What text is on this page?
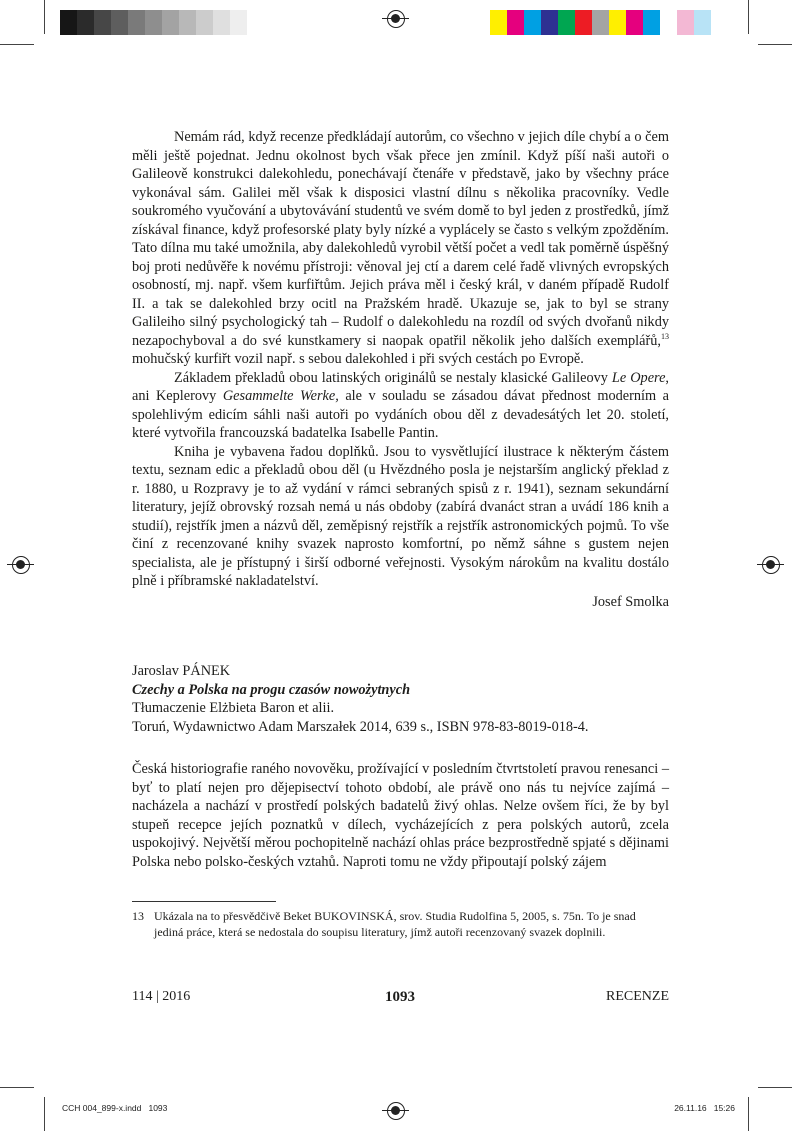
Nemám rád, když recenze předkládají autorům, co všechno v jejich díle chybí a o čem měli ještě pojednat. Jednu okolnost bych však přece jen zmínil. Když píší naši autoři o Galileově konstrukci dalekohledu, ponechávají čtenáře v představě, jako by všechny práce vykonával sám. Galilei měl však k disposici vlastní dílnu s několika pracovníky. Vedle soukromého vyučování a ubytovávání studentů ve svém domě to byl jeden z prostředků, jímž získával finance, když profesorské platy byly nízké a vyplácely se často s velkým zpožděním. Tato dílna mu také umožnila, aby dalekohledů vyrobil větší počet a vedl tak poměrně úspěšný boj proti nedůvěře k novému přístroji: věnoval jej ctí a darem celé řadě vlivných evropských osobností, mj. např. všem kurfiřtům. Jejich práva měl i český král, v daném případě Rudolf II. a tak se dalekohled brzy ocitl na Pražském hradě. Ukazuje se, jak to byl se strany Galileiho silný psychologický tah – Rudolf o dalekohledu na rozdíl od svých dvořanů nikdy nezapochyboval a do své kunstkamery si naopak opatřil několik jeho dalších exemplářů,$^{13}$ mohučský kurfiřt vozil např. s sebou dalekohled i při svých cestách po Evropě.

Základem překladů obou latinských originálů se nestaly klasické Galileovy Le Opere, ani Keplerovy Gesammelte Werke, ale v souladu se zásadou dávat přednost moderním a spolehlivým edicím sáhli naši autoři po vydáních obou děl z devadesátých let 20. století, které vytvořila francouzská badatelka Isabelle Pantin.

Kniha je vybavena řadou doplňků. Jsou to vysvětlující ilustrace k některým částem textu, seznam edic a překladů obou děl (u Hvězdného posla je nejstarším anglický překlad z r. 1880, u Rozpravy je to až vydání v rámci sebraných spisů z r. 1941), seznam sekundární literatury, jejíž obrovský rozsah nemá u nás obdoby (zabírá dvanáct stran a uvádí 186 knih a studií), rejstřík jmen a názvů děl, zeměpisný rejstřík a rejstřík astronomických pojmů. To vše činí z recenzované knihy svazek naprosto komfortní, po němž sáhne s gustem nejen specialista, ale je přístupný i širší odborné veřejnosti. Vysokým nárokům na kvalitu dostálo plně i příbramské nakladatelství.

Josef Smolka

Jaroslav PÁNEK
Czechy a Polska na progu czasów nowożytnych
Tłumaczenie Elżbieta Baron et alii.
Toruń, Wydawnictwo Adam Marszałek 2014, 639 s., ISBN 978-83-8019-018-4.
Česká historiografie raného novověku, prožívající v posledním čtvrtstoletí pravou renesanci – byť to platí nejen pro dějepisectví tohoto období, ale právě ono nás tu nejvíce zajímá – nacházela a nachází v prostředí polských badatelů živý ohlas. Nelze ovšem říci, že by byl stupeň recepce jejích poznatků v dílech, vycházejících z pera polských autorů, zcela uspokojivý. Největší měrou pochopitelně nachází ohlas práce bezprostředně spjaté s dějinami Polska nebo polsko-českých vztahů. Naproti tomu ne vždy připoutají polský zájem
13 Ukázala na to přesvědčivě Beket BUKOVINSKÁ, srov. Studia Rudolfina 5, 2005, s. 75n. To je snad
jediná práce, která se nedostala do soupisu literatury, jímž autoři recenzovaný svazek doplnili.
114 | 2016	1093	RECENZE
CCH 004_899-x.indd   1093	26.11.16   15:26
